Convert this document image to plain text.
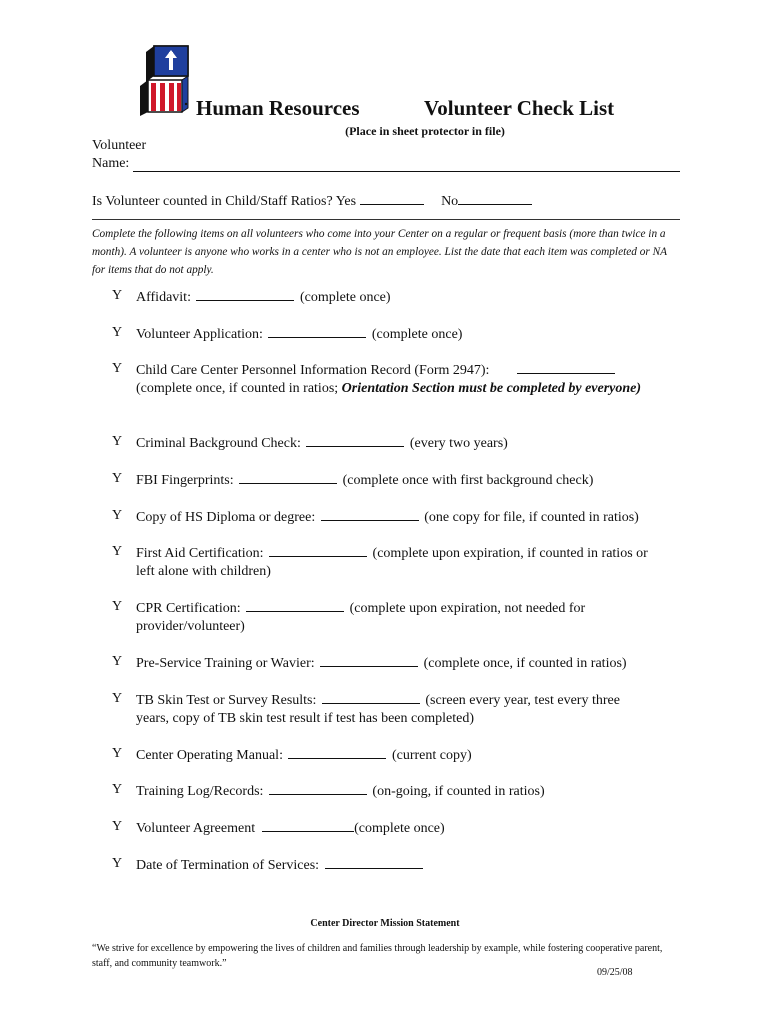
Human Resources	Volunteer Check List
(Place in sheet protector in file)
Volunteer
Name:
Is Volunteer counted in Child/Staff Ratios? Yes	No
Complete the following items on all volunteers who come into your Center on a regular or frequent basis (more than twice in a month). A volunteer is anyone who works in a center who is not an employee. List the date that each item was completed or NA for items that do not apply.
Y Affidavit:	(complete once)
Y Volunteer Application:	(complete once)
Y Child Care Center Personnel Information Record (Form 2947):
(complete once, if counted in ratios; Orientation Section must be completed by everyone)
Y Criminal Background Check:	(every two years)
Y FBI Fingerprints:	(complete once with first background check)
Y Copy of HS Diploma or degree:	(one copy for file, if counted in ratios)
Y First Aid Certification:	(complete upon expiration, if counted in ratios or
left alone with children)
Y CPR Certification:	(complete upon expiration, not needed for
provider/volunteer)
Y Pre-Service Training or Wavier:	(complete once, if counted in ratios)
Y TB Skin Test or Survey Results:	(screen every year, test every three
years, copy of TB skin test result if test has been completed)
Y Center Operating Manual:	(current copy)
Y Training Log/Records:	(on-going, if counted in ratios)
Y Volunteer Agreement	(complete once)
Y Date of Termination of Services:
Center Director Mission Statement
“We strive for excellence by empowering the lives of children and families through leadership by example, while fostering cooperative parent, staff, and community teamwork.”
09/25/08
